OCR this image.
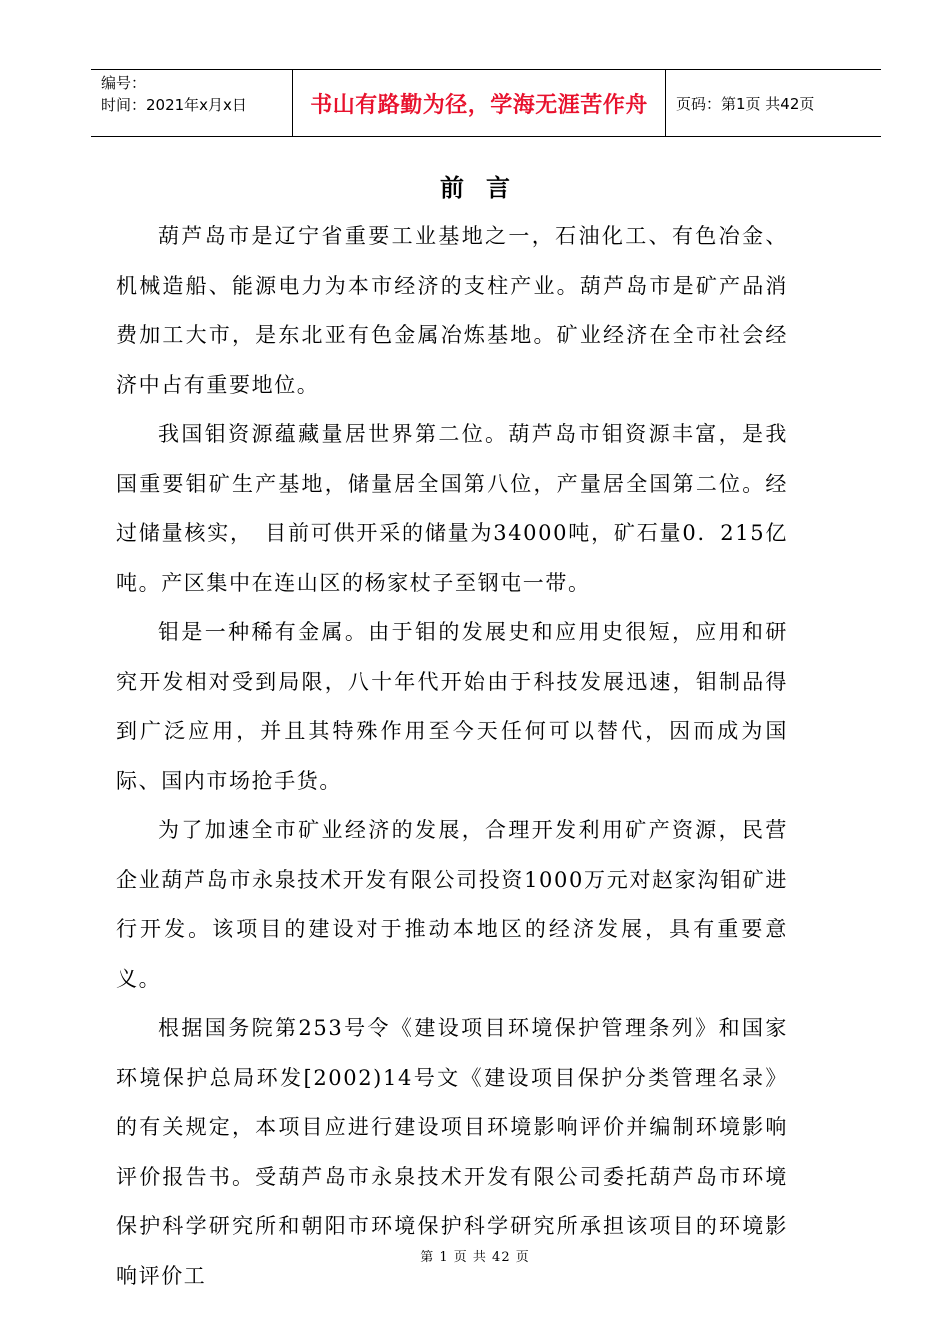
编号：
时间：2021年x月x日	书山有路勤为径，学海无涯苦作舟 页码：第1页 共42页
前言

葫芦岛市是辽宁省重要工业基地之一，石油化工、有色冶金、机械造船、能源电力为本市经济的支柱产业。葫芦岛市是矿产品消费加工大市，是东北亚有色金属冶炼基地。矿业经济在全市社会经济中占有重要地位。

我国钼资源蕴藏量居世界第二位。葫芦岛市钼资源丰富，是我国重要钼矿生产基地，储量居全国第八位，产量居全国第二位。经过储量核实，　目前可供开采的储量为34000吨，矿石量0．215亿吨。产区集中在连山区的杨家杖子至钢屯一带。

钼是一种稀有金属。由于钼的发展史和应用史很短，应用和研究开发相对受到局限，八十年代开始由于科技发展迅速，钼制品得到广泛应用，并且其特殊作用至今天任何可以替代，因而成为国际、国内市场抢手货。

为了加速全市矿业经济的发展，合理开发利用矿产资源，民营企业葫芦岛市永泉技术开发有限公司投资1000万元对赵家沟钼矿进行开发。该项目的建设对于推动本地区的经济发展，具有重要意义。

根据国务院第253号令《建设项目环境保护管理条列》和国家环境保护总局环发[2002)14号文《建设项目保护分类管理名录》的有关规定，本项目应进行建设项目环境影响评价并编制环境影响评价报告书。受葫芦岛市永泉技术开发有限公司委托葫芦岛市环境保护科学研究所和朝阳市环境保护科学研究所承担该项目的环境影响评价工

第 1 页 共 42 页
